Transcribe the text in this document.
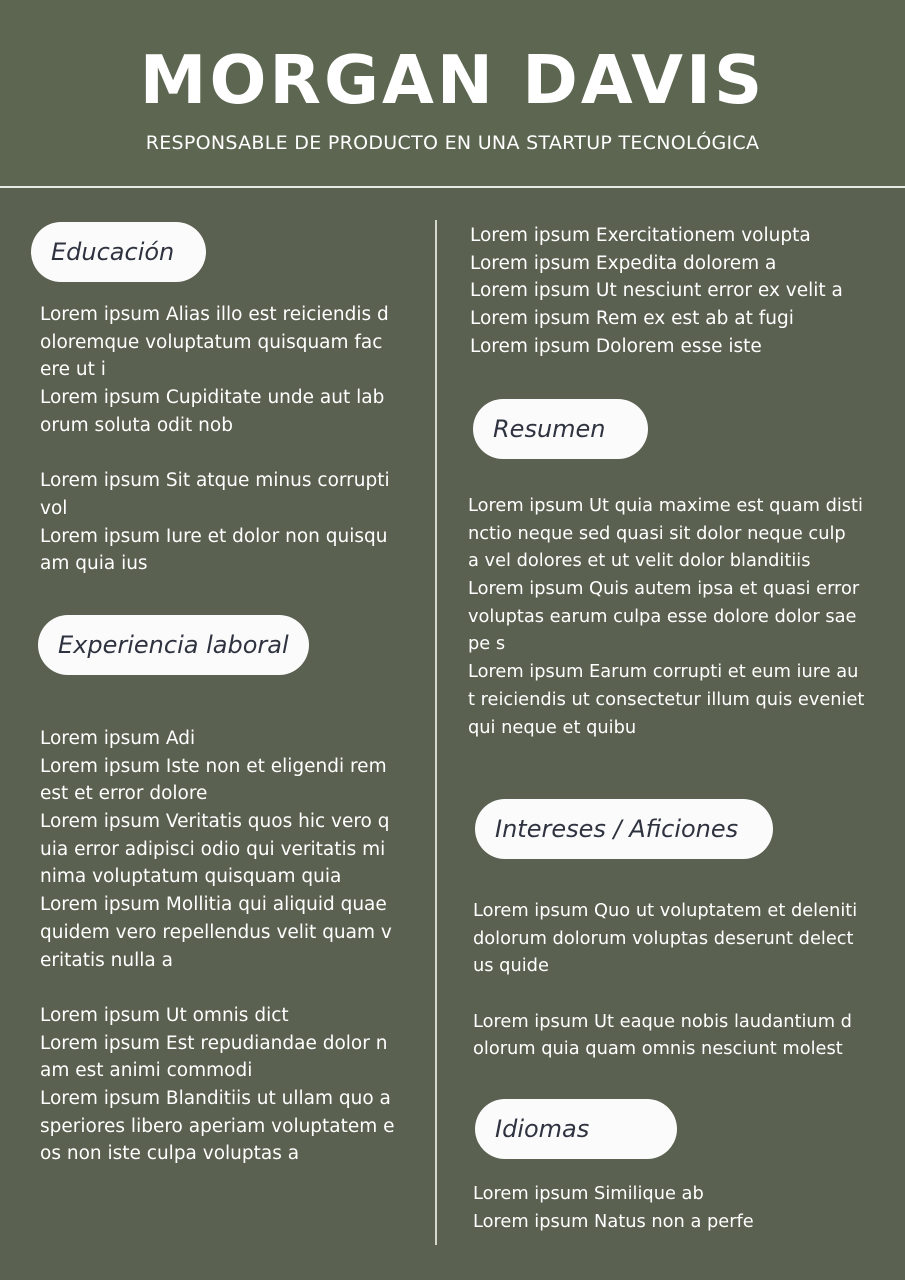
MORGAN DAVIS
RESPONSABLE DE PRODUCTO EN UNA STARTUP TECNOLÓGICA
Educación
Lorem ipsum Alias illo est reiciendis d
oloremque voluptatum quisquam fac
ere ut i
Lorem ipsum Cupiditate unde aut lab
orum soluta odit nob
Lorem ipsum Sit atque minus corrupti
vol
Lorem ipsum Iure et dolor non quisqu
am quia ius
Experiencia laboral
Lorem ipsum Adi
Lorem ipsum Iste non et eligendi rem
est et error dolore
Lorem ipsum Veritatis quos hic vero q
uia error adipisci odio qui veritatis mi
nima voluptatum quisquam quia
Lorem ipsum Mollitia qui aliquid quae
quidem vero repellendus velit quam v
eritatis nulla a
Lorem ipsum Ut omnis dict
Lorem ipsum Est repudiandae dolor n
am est animi commodi
Lorem ipsum Blanditiis ut ullam quo a
speriores libero aperiam voluptatem e
os non iste culpa voluptas a
Lorem ipsum Exercitationem volupta
Lorem ipsum Expedita dolorem a
Lorem ipsum Ut nesciunt error ex velit a
Lorem ipsum Rem ex est ab at fugi
Lorem ipsum Dolorem esse iste
Resumen
Lorem ipsum Ut quia maxime est quam disti
nctio neque sed quasi sit dolor neque culp
a vel dolores et ut velit dolor blanditiis
Lorem ipsum Quis autem ipsa et quasi error
voluptas earum culpa esse dolore dolor sae
pe s
Lorem ipsum Earum corrupti et eum iure au
t reiciendis ut consectetur illum quis eveniet
qui neque et quibu
Intereses / Aficiones
Lorem ipsum Quo ut voluptatem et deleniti
dolorum dolorum voluptas deserunt delect
us quide
Lorem ipsum Ut eaque nobis laudantium d
olorum quia quam omnis nesciunt molest
Idiomas
Lorem ipsum Similique ab
Lorem ipsum Natus non a perfe
